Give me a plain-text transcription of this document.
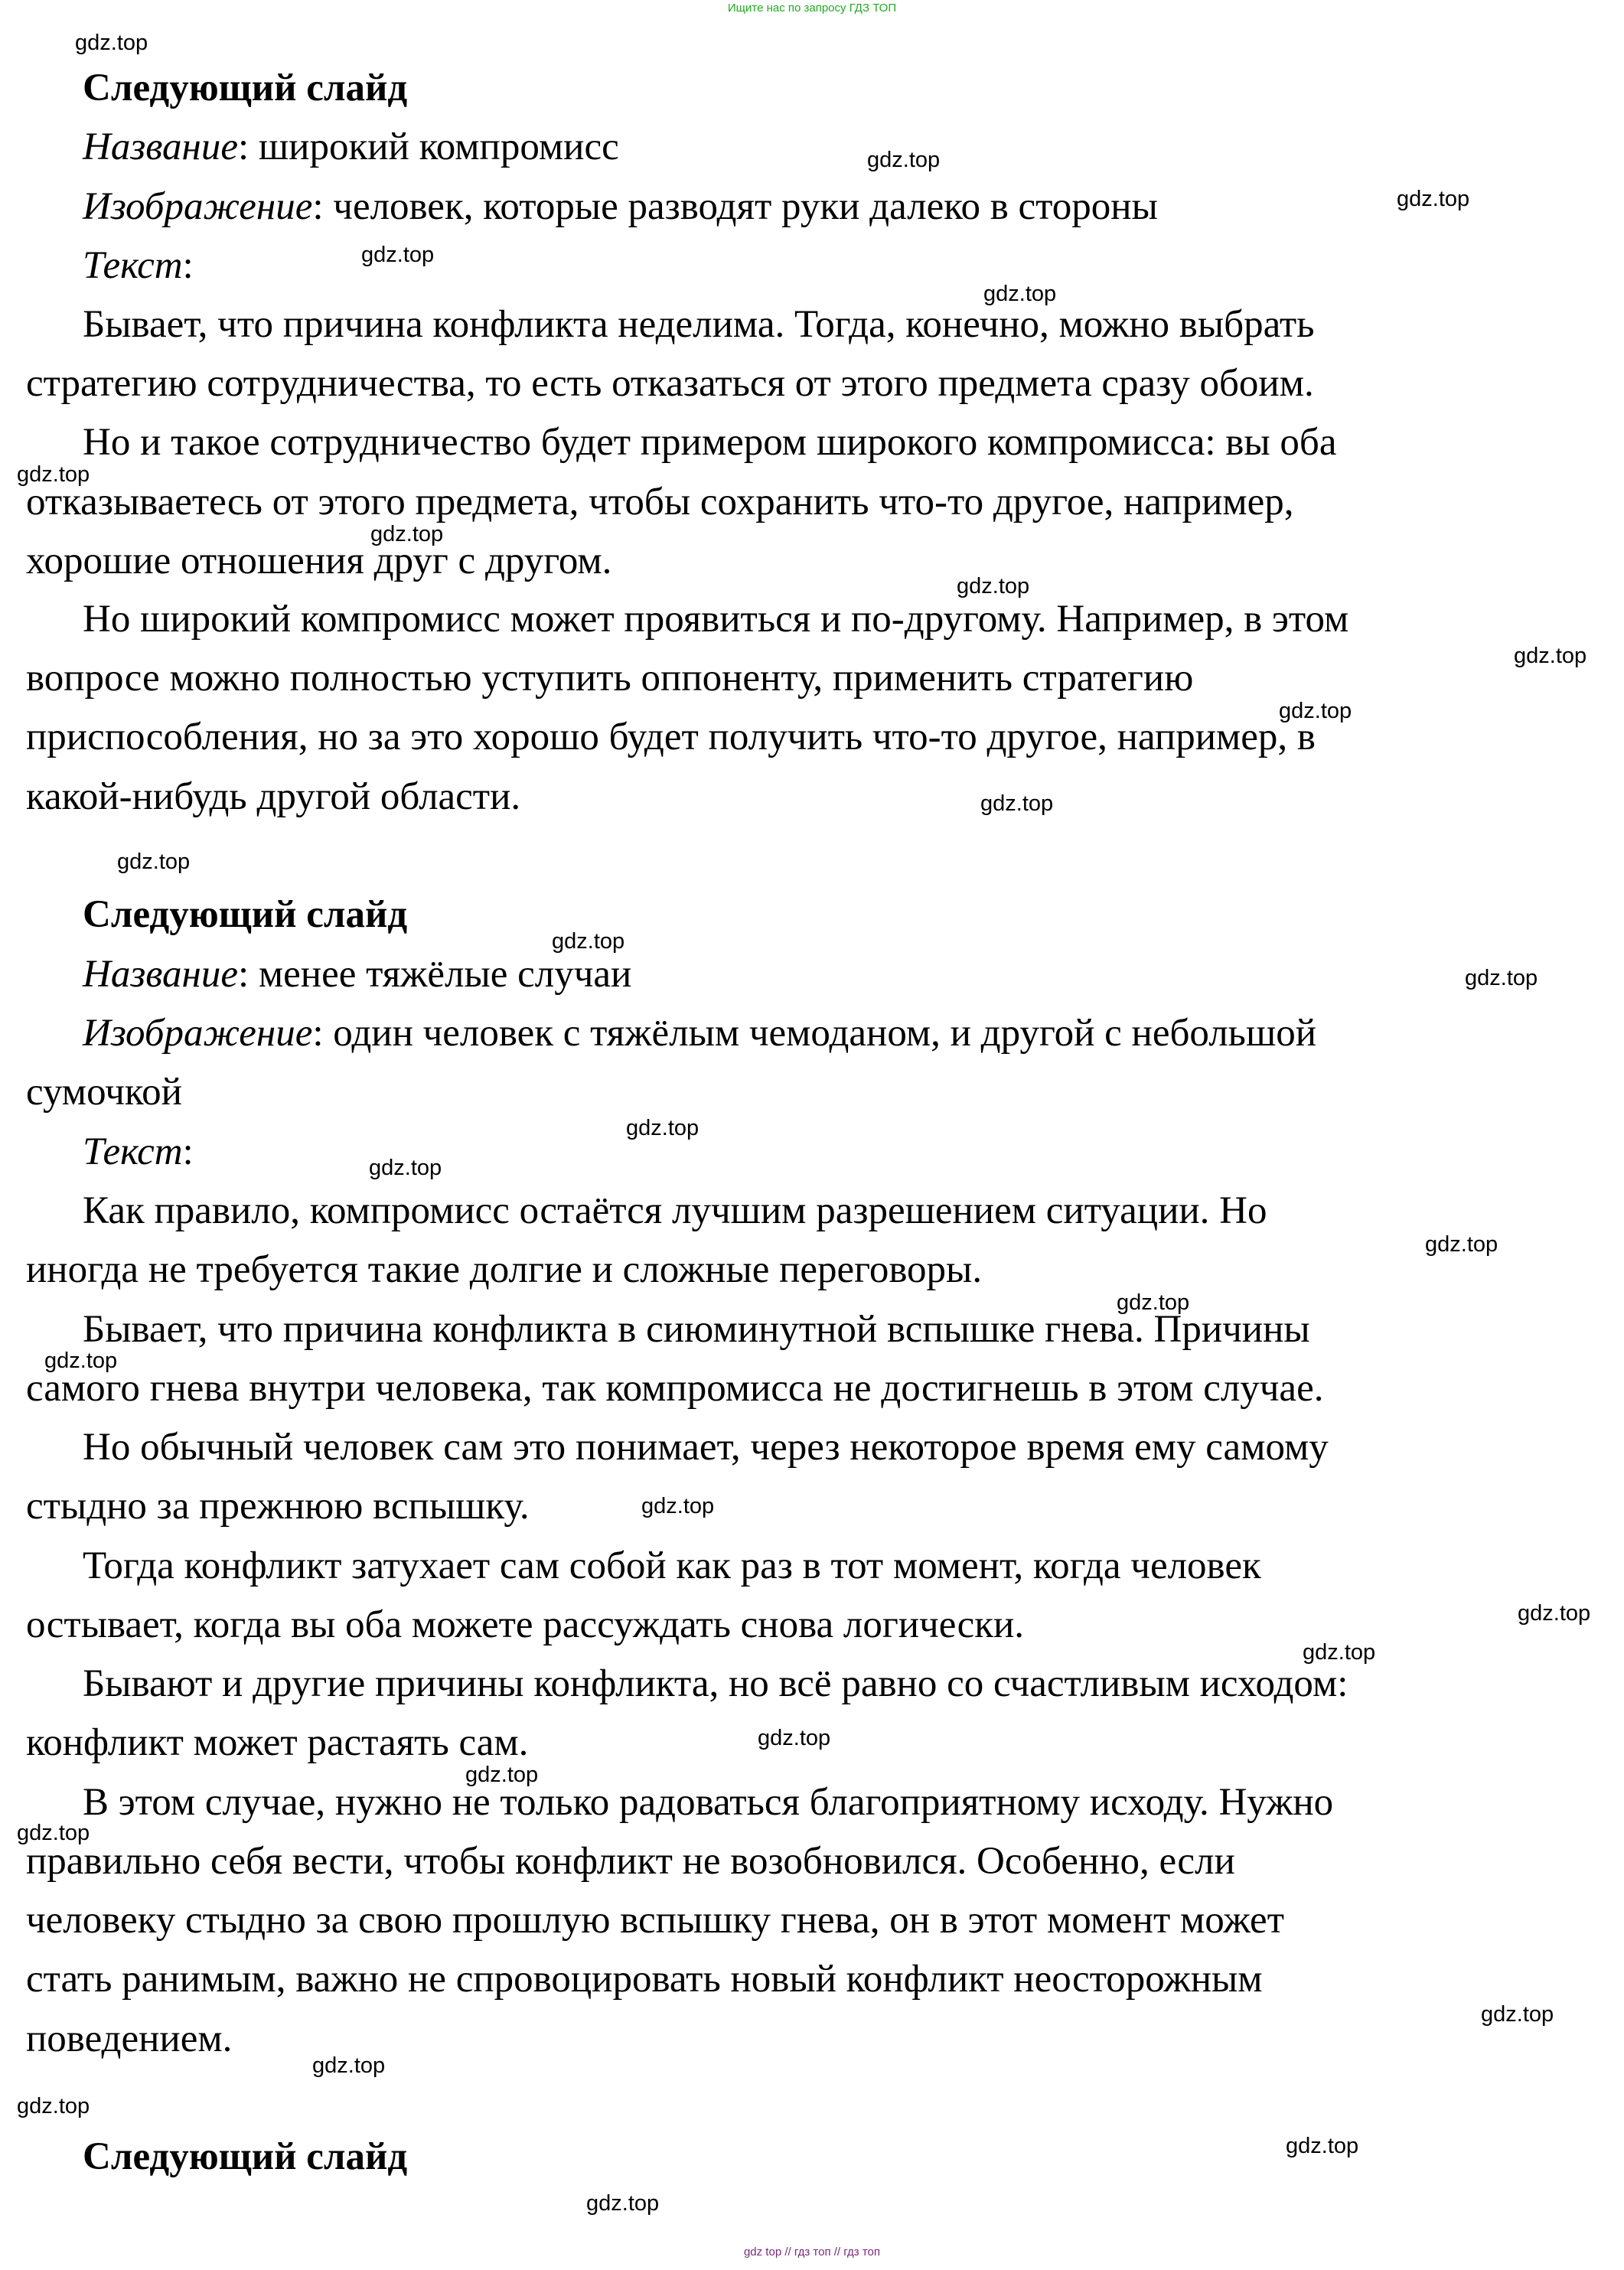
Ищите нас по запросу ГДЗ ТОП
Следующий слайд
Название: широкий компромисс
Изображение: человек, которые разводят руки далеко в стороны
Текст:
Бывает, что причина конфликта неделима. Тогда, конечно, можно выбрать
стратегию сотрудничества, то есть отказаться от этого предмета сразу обоим.
Но и такое сотрудничество будет примером широкого компромисса: вы оба
отказываетесь от этого предмета, чтобы сохранить что-то другое, например,
хорошие отношения друг с другом.
Но широкий компромисс может проявиться и по-другому. Например, в этом
вопросе можно полностью уступить оппоненту, применить стратегию
приспособления, но за это хорошо будет получить что-то другое, например, в
какой-нибудь другой области.
Следующий слайд
Название: менее тяжёлые случаи
Изображение: один человек с тяжёлым чемоданом, и другой с небольшой
сумочкой
Текст:
Как правило, компромисс остаётся лучшим разрешением ситуации. Но
иногда не требуется такие долгие и сложные переговоры.
Бывает, что причина конфликта в сиюминутной вспышке гнева. Причины
самого гнева внутри человека, так компромисса не достигнешь в этом случае.
Но обычный человек сам это понимает, через некоторое время ему самому
стыдно за прежнюю вспышку.
Тогда конфликт затухает сам собой как раз в тот момент, когда человек
остывает, когда вы оба можете рассуждать снова логически.
Бывают и другие причины конфликта, но всё равно со счастливым исходом:
конфликт может растаять сам.
В этом случае, нужно не только радоваться благоприятному исходу. Нужно
правильно себя вести, чтобы конфликт не возобновился. Особенно, если
человеку стыдно за свою прошлую вспышку гнева, он в этот момент может
стать ранимым, важно не спровоцировать новый конфликт неосторожным
поведением.
Следующий слайд
gdz.top
gdz.top
gdz.top
gdz.top
gdz.top
gdz.top
gdz.top
gdz.top
gdz.top
gdz.top
gdz.top
gdz.top
gdz.top
gdz.top
gdz.top
gdz.top
gdz.top
gdz.top
gdz.top
gdz.top
gdz.top
gdz.top
gdz.top
gdz.top
gdz.top
gdz.top
gdz.top
gdz.top
gdz.top
gdz.top
gdz top // гдз топ // гдз топ
